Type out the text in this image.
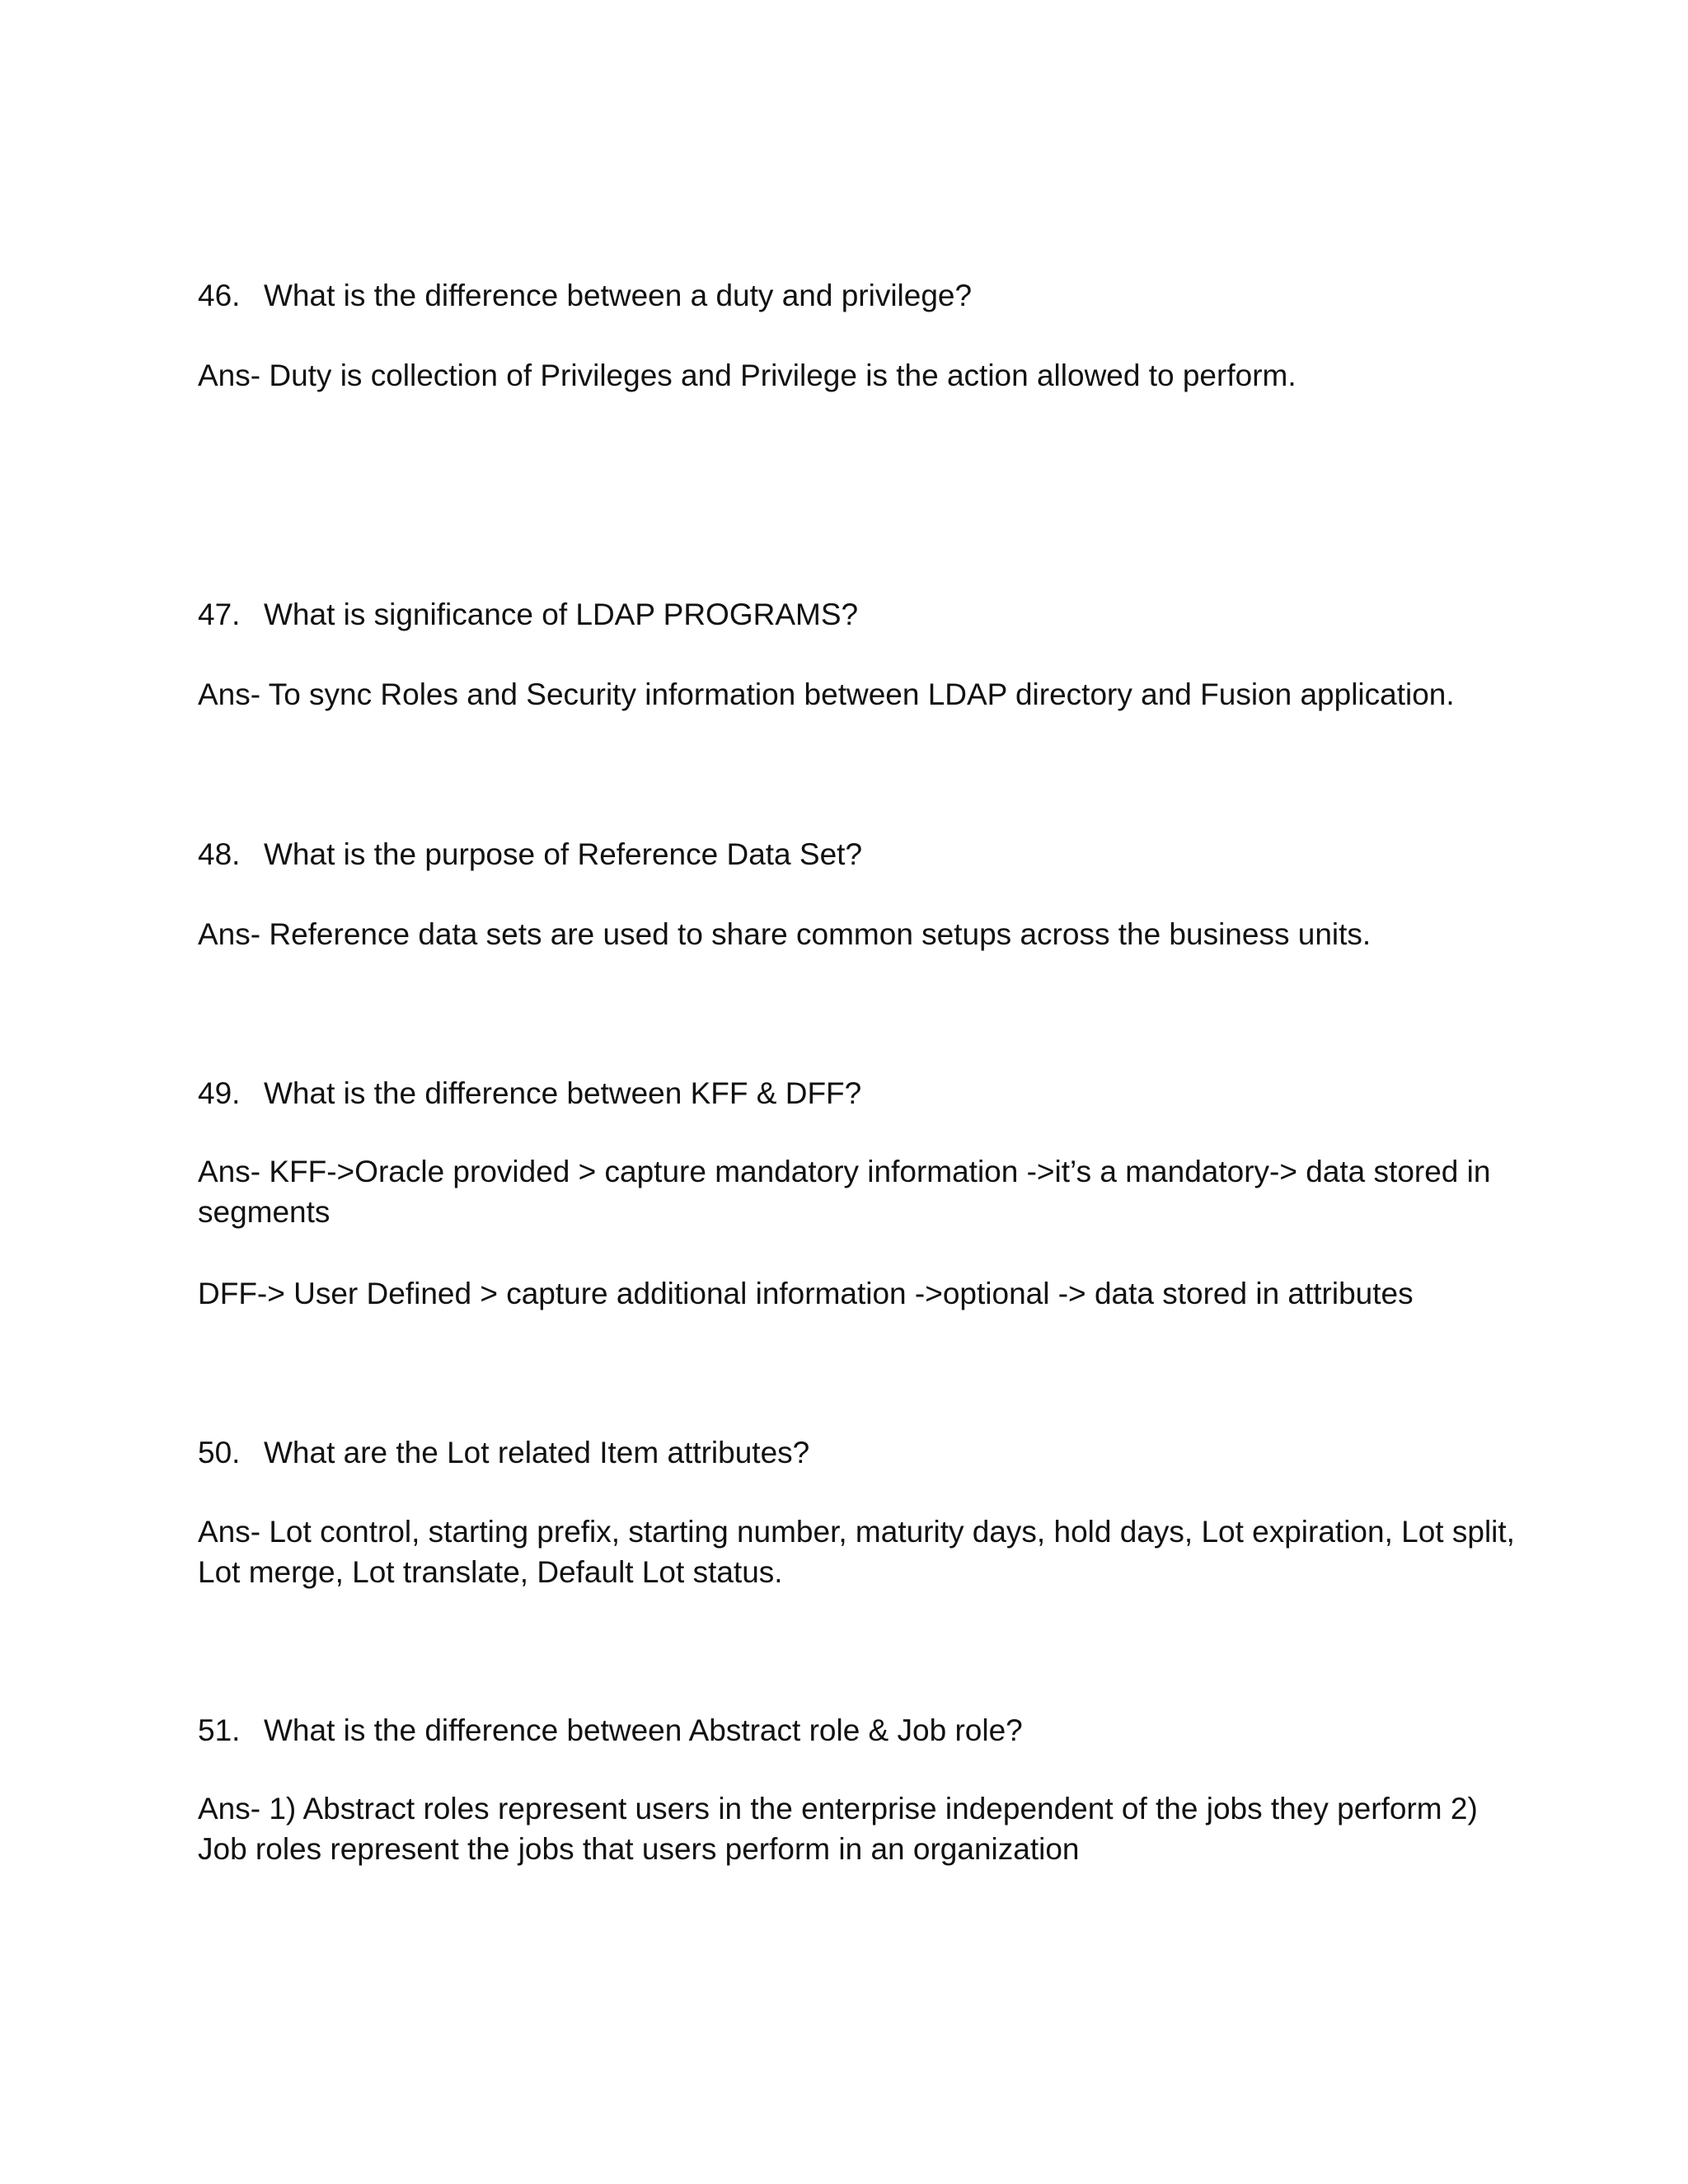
46. What is the difference between a duty and privilege?
Ans- Duty is collection of Privileges and Privilege is the action allowed to perform.
47. What is significance of LDAP PROGRAMS?
Ans- To sync Roles and Security information between LDAP directory and Fusion application.
48. What is the purpose of Reference Data Set?
Ans- Reference data sets are used to share common setups across the business units.
49. What is the difference between KFF & DFF?
Ans- KFF->Oracle provided > capture mandatory information ->it’s a mandatory-> data stored in segments
DFF-> User Defined > capture additional information ->optional -> data stored in attributes
50. What are the Lot related Item attributes?
Ans- Lot control, starting prefix, starting number, maturity days, hold days, Lot expiration, Lot split, Lot merge, Lot translate, Default Lot status.
51. What is the difference between Abstract role & Job role?
Ans- 1) Abstract roles represent users in the enterprise independent of the jobs they perform 2) Job roles represent the jobs that users perform in an organization
